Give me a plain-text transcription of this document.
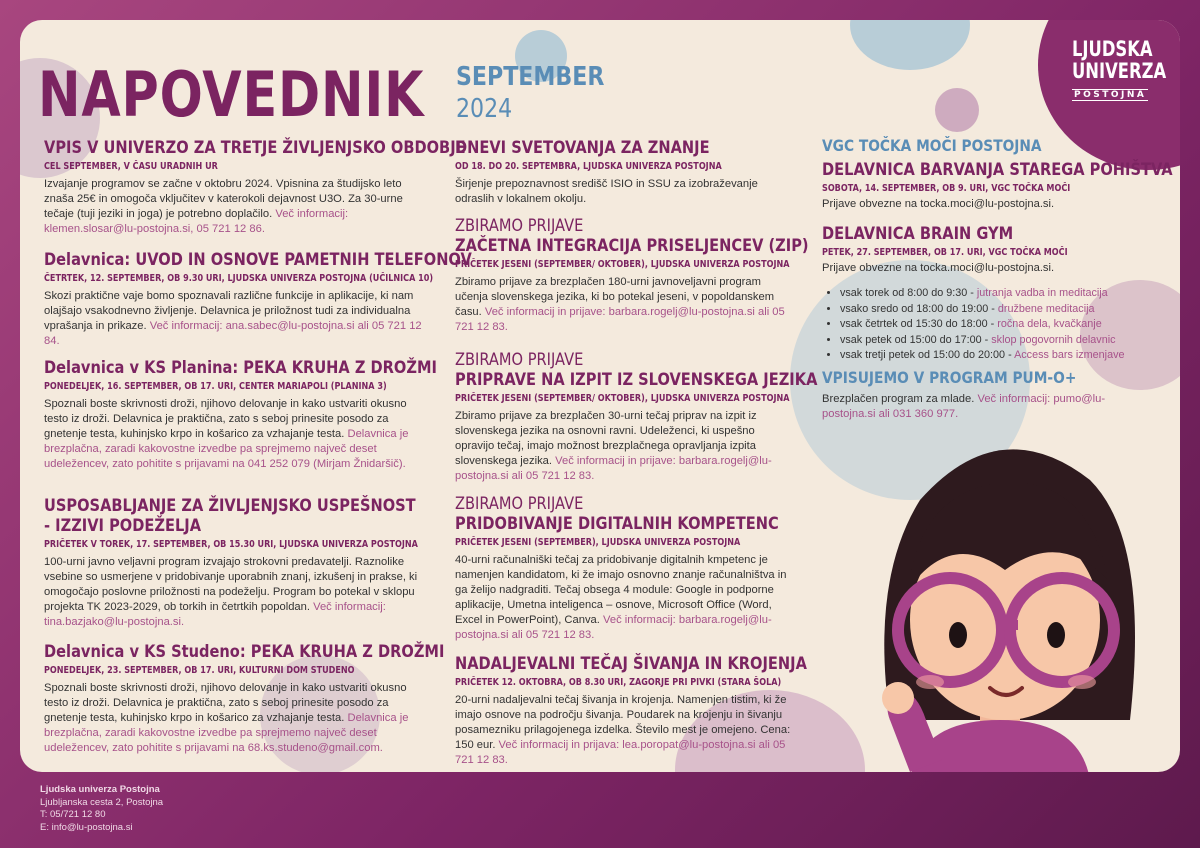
NAPOVEDNIK SEPTEMBER
2024
LJUDSKA
UNIVERZA
POSTOJNA
VPIS V UNIVERZO ZA TRETJE ŽIVLJENJSKO OBDOBJE
CEL SEPTEMBER, V ČASU URADNIH UR

Izvajanje programov se začne v oktobru 2024. Vpisnina za študijsko leto znaša 25€ in omogoča vključitev v katerokoli dejavnost U3O. Za 30-urne tečaje (tuji jeziki in joga) je potrebno doplačilo. Več informacij: klemen.slosar@lu-postojna.si, 05 721 12 86.

Delavnica: UVOD IN OSNOVE PAMETNIH TELEFONOV
ČETRTEK, 12. SEPTEMBER, OB 9.30 URI, LJUDSKA UNIVERZA POSTOJNA (UČILNICA 10)

Skozi praktične vaje bomo spoznavali različne funkcije in aplikacije, ki nam olajšajo vsakodnevno življenje. Delavnica je priložnost tudi za individualna vprašanja in prikaze. Več informacij: ana.sabec@lu-postojna.si ali 05 721 12 84.

Delavnica v KS Planina: PEKA KRUHA Z DROŽMI
PONEDELJEK, 16. SEPTEMBER, OB 17. URI, CENTER MARIAPOLI (PLANINA 3)

Spoznali boste skrivnosti droži, njihovo delovanje in kako ustvariti okusno testo iz droži. Delavnica je praktična, zato s seboj prinesite posodo za gnetenje testa, kuhinjsko krpo in košarico za vzhajanje testa. Delavnica je brezplačna, zaradi kakovostne izvedbe pa sprejmemo največ deset udeležencev, zato pohitite s prijavami na 041 252 079 (Mirjam Žnidaršič).

USPOSABLJANJE ZA ŽIVLJENJSKO USPEŠNOST - IZZIVI PODEŽELJA
PRIČETEK V TOREK, 17. SEPTEMBER, OB 15.30 URI, LJUDSKA UNIVERZA POSTOJNA

100-urni javno veljavni program izvajajo strokovni predavatelji. Raznolike vsebine so usmerjene v pridobivanje uporabnih znanj, izkušenj in prakse, ki omogočajo poslovne priložnosti na podeželju. Program bo potekal v sklopu projekta TK 2023-2029, ob torkih in četrtkih popoldan. Več informacij: tina.bazjako@lu-postojna.si.

Delavnica v KS Studeno: PEKA KRUHA Z DROŽMI
PONEDELJEK, 23. SEPTEMBER, OB 17. URI, KULTURNI DOM STUDENO

Spoznali boste skrivnosti droži, njihovo delovanje in kako ustvariti okusno testo iz droži. Delavnica je praktična, zato s seboj prinesite posodo za gnetenje testa, kuhinjsko krpo in košarico za vzhajanje testa. Delavnica je brezplačna, zaradi kakovostne izvedbe pa sprejmemo največ deset udeležencev, zato pohitite s prijavami na 68.ks.studeno@gmail.com.

DNEVI SVETOVANJA ZA ZNANJE
OD 18. DO 20. SEPTEMBRA, LJUDSKA UNIVERZA POSTOJNA

Širjenje prepoznavnost središč ISIO in SSU za izobraževanje odraslih v lokalnem okolju.

ZBIRAMO PRIJAVE
ZAČETNA INTEGRACIJA PRISELJENCEV (ZIP)
PRIČETEK JESENI (SEPTEMBER/ OKTOBER), LJUDSKA UNIVERZA POSTOJNA

Zbiramo prijave za brezplačen 180-urni javnoveljavni program učenja slovenskega jezika, ki bo potekal jeseni, v popoldanskem času. Več informacij in prijave: barbara.rogelj@lu-postojna.si ali 05 721 12 83.

ZBIRAMO PRIJAVE
PRIPRAVE NA IZPIT IZ SLOVENSKEGA JEZIKA
PRIČETEK JESENI (SEPTEMBER/ OKTOBER), LJUDSKA UNIVERZA POSTOJNA

Zbiramo prijave za brezplačen 30-urni tečaj priprav na izpit iz slovenskega jezika na osnovni ravni. Udeleženci, ki uspešno opravijo tečaj, imajo možnost brezplačnega opravljanja izpita slovenskega jezika. Več informacij in prijave: barbara.rogelj@lu-postojna.si ali 05 721 12 83.

ZBIRAMO PRIJAVE
PRIDOBIVANJE DIGITALNIH KOMPETENC
PRIČETEK JESENI (SEPTEMBER), LJUDSKA UNIVERZA POSTOJNA

40-urni računalniški tečaj za pridobivanje digitalnih kmpetenc je namenjen kandidatom, ki že imajo osnovno znanje računalništva in ga želijo nadgraditi. Tečaj obsega 4 module: Google in podporne aplikacije, Umetna inteligenca – osnove, Microsoft Office (Word, Excel in PowerPoint), Canva. Več informacij: barbara.rogelj@lu-postojna.si ali 05 721 12 83.

NADALJEVALNI TEČAJ ŠIVANJA IN KROJENJA
PRIČETEK 12. OKTOBRA, OB 8.30 URI, ZAGORJE PRI PIVKI (STARA ŠOLA)

20-urni nadaljevalni tečaj šivanja in krojenja. Namenjen tistim, ki že imajo osnove na področju šivanja. Poudarek na krojenju in šivanju posamezniku prilagojenega izdelka. Število mest je omejeno. Cena: 150 eur. Več informacij in prijava: lea.poropat@lu-postojna.si ali 05 721 12 83.

VGC TOČKA MOČI POSTOJNA
DELAVNICA BARVANJA STAREGA POHIŠTVA
SOBOTA, 14. SEPTEMBER, OB 9. URI, VGC TOČKA MOČI

Prijave obvezne na tocka.moci@lu-postojna.si.

DELAVNICA BRAIN GYM
PETEK, 27. SEPTEMBER, OB 17. URI, VGC TOČKA MOČI

Prijave obvezne na tocka.moci@lu-postojna.si.

• vsak torek od 8:00 do 9:30 - jutranja vadba in meditacija
• vsako sredo od 18:00 do 19:00 - družbene meditacija
• vsak četrtek od 15:30 do 18:00 - ročna dela, kvačkanje
• vsak petek od 15:00 do 17:00 - sklop pogovornih delavnic
• vsak tretji petek od 15:00 do 20:00 - Access bars izmenjave
VPISUJEMO V PROGRAM PUM-O+

Brezplačen program za mlade. Več informacij: pumo@lu-postojna.si ali 031 360 977.

Ljudska univerza Postojna
Ljubljanska cesta 2, Postojna
T: 05/721 12 80
E: info@lu-postojna.si
